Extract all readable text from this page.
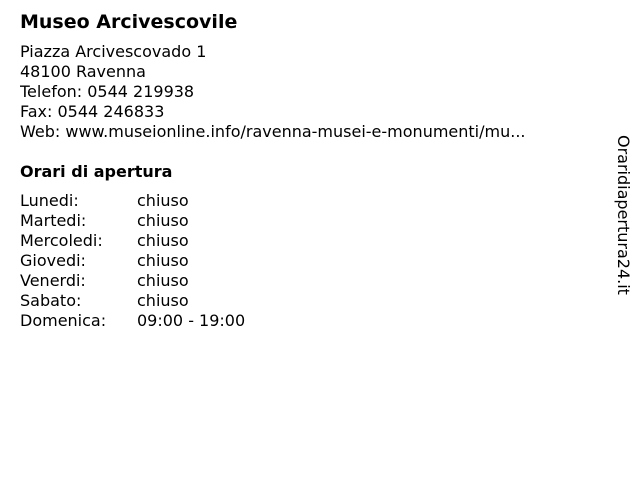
Museo Arcivescovile
Piazza Arcivescovado 1
48100 Ravenna
Telefon: 0544 219938
Fax: 0544 246833
Web: www.museionline.info/ravenna-musei-e-monumenti/mu...
Orari di apertura
Lunedi:	chiuso
Martedi:	chiuso
Mercoledi:	chiuso
Giovedi:	chiuso
Venerdi:	chiuso
Sabato:	chiuso
Domenica:	09:00 - 19:00
Oraridiapertura24.it
